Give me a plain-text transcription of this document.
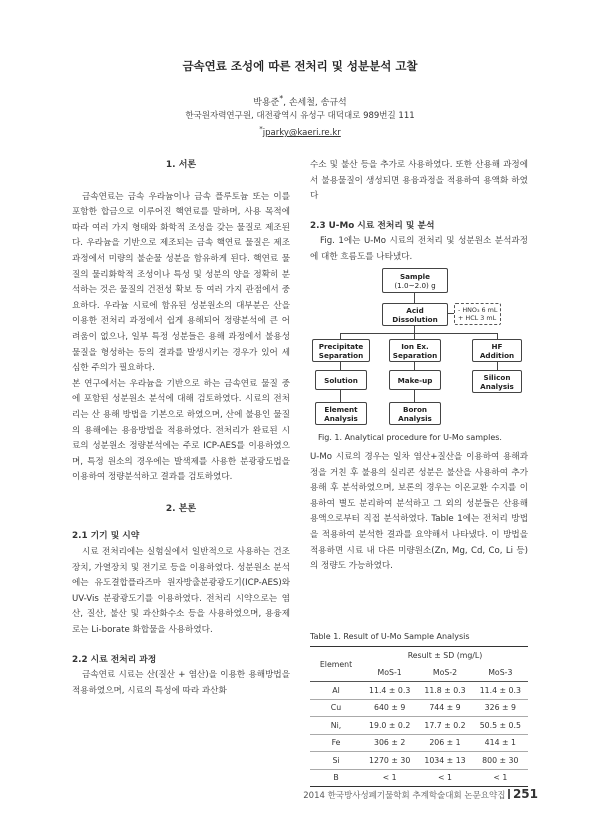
금속연료 조성에 따른 전처리 및 성분분석 고찰
박용준*, 손세철, 송규석
한국원자력연구원, 대전광역시 유성구 대덕대로 989번길 111
*jparky@kaeri.re.kr
1. 서론

금속연료는 금속 우라늄이나 금속 플루토늄 또는 이를 포함한 합금으로 이루어진 핵연료를 말하며, 사용 목적에 따라 여러 가지 형태와 화학적 조성을 갖는 물질로 제조된다. 우라늄을 기반으로 제조되는 금속 핵연료 물질은 제조 과정에서 미량의 불순물 성분을 함유하게 된다. 핵연료 물질의 물리화학적 조성이나 특성 및 성분의 양을 정확히 분석하는 것은 물질의 건전성 확보 등 여러 가지 관점에서 중요하다. 우라늄 시료에 함유된 성분원소의 대부분은 산을 이용한 전처리 과정에서 쉽게 용해되어 정량분석에 큰 어려움이 없으나, 일부 특정 성분들은 용해 과정에서 불용성 물질을 형성하는 등의 결과를 발생시키는 경우가 있어 세심한 주의가 필요하다.

본 연구에서는 우라늄을 기반으로 하는 금속연료 물질 중에 포함된 성분원소 분석에 대해 검토하였다. 시료의 전처리는 산 용해 방법을 기본으로 하였으며, 산에 불용인 물질의 용해에는 용융방법을 적용하였다. 전처리가 완료된 시료의 성분원소 정량분석에는 주로 ICP-AES를 이용하였으며, 특정 원소의 경우에는 발색제를 사용한 분광광도법을 이용하여 정량분석하고 결과를 검토하였다.

2. 본론
2.1 기기 및 시약

시료 전처리에는 실험실에서 일반적으로 사용하는 건조장치, 가열장치 및 전기로 등을 이용하였다. 성분원소 분석에는 유도결합플라즈마 원자방출분광광도기(ICP-AES)와 UV-Vis 분광광도기를 이용하였다. 전처리 시약으로는 염산, 질산, 불산 및 과산화수소 등을 사용하였으며, 용융제로는 Li-borate 화합물을 사용하였다.

2.2 시료 전처리 과정

금속연료 시료는 산(질산 + 염산)을 이용한 용해방법을 적용하였으며, 시료의 특성에 따라 과산화

수소 및 불산 등을 추가로 사용하였다. 또한 산용해 과정에서 불용물질이 생성되면 용융과정을 적용하여 용액화 하였다

2.3 U-Mo 시료 전처리 및 분석

Fig. 1에는 U-Mo 시료의 전처리 및 성분원소 분석과정에 대한 흐름도를 나타냈다.

Sample
(1.0~2.0) g
Acid
Dissolution
- HNO₃ 6 mL
+ HCL 3 mL
Precipitate
Separation
Ion Ex.
Separation
HF
Addition
Solution	Make-up	Silicon
Analysis
Element
Analysis
Boron
Analysis
Fig. 1. Analytical procedure for U-Mo samples.

U-Mo 시료의 경우는 일차 염산+질산을 이용하여 용해과정을 거친 후 불용의 실리콘 성분은 불산을 사용하여 추가 용해 후 분석하였으며, 보론의 경우는 이온교환 수지를 이용하여 별도 분리하여 분석하고 그 외의 성분들은 산용해 용액으로부터 직접 분석하였다. Table 1에는 전처리 방법을 적용하여 분석한 결과를 요약해서 나타냈다. 이 방법을 적용하면 시료 내 다른 미량원소(Zn, Mg, Cd, Co, Li 등)의 정량도 가능하였다.

Table 1. Result of U-Mo Sample Analysis
Element	Result ± SD (mg/L)		
	MoS-1	MoS-2	MoS-3
Al	11.4 ± 0.3	11.8 ± 0.3	11.4 ± 0.3
Cu	640 ± 9	744 ± 9	326 ± 9
Ni,	19.0 ± 0.2	17.7 ± 0.2	50.5 ± 0.5
Fe	306 ± 2	206 ± 1	414 ± 1
Si	1270 ± 30	1034 ± 13	800 ± 30
B	< 1	< 1	< 1
2014 한국방사성폐기물학회 추계학술대회 논문요약집 251
